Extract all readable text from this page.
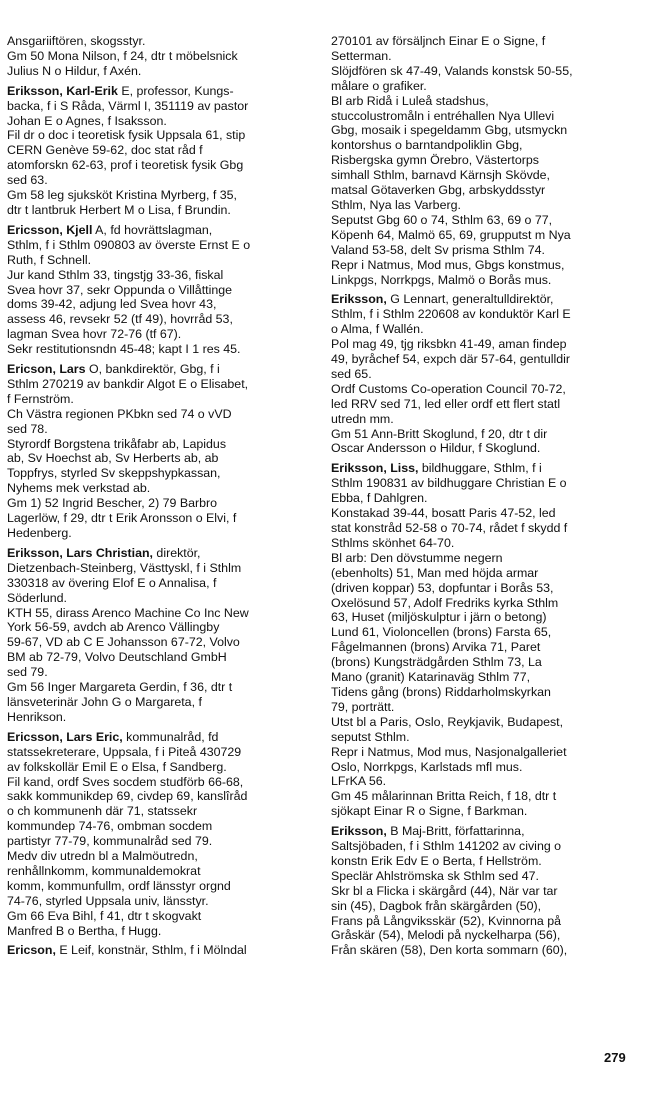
Ansgariiftören, skogsstyr.
Gm 50 Mona Nilson, f 24, dtr t möbelsnick
Julius N o Hildur, f Axén.
Eriksson, Karl-Erik E, professor, Kungs-
backa, f i S Råda, Värml I, 351119 av pastor
Johan E o Agnes, f Isaksson.
Fil dr o doc i teoretisk fysik Uppsala 61, stip
CERN Genève 59-62, doc stat råd f
atomforskn 62-63, prof i teoretisk fysik Gbg
sed 63.
Gm 58 leg sjuksköt Kristina Myrberg, f 35,
dtr t lantbruk Herbert M o Lisa, f Brundin.
Ericsson, Kjell A, fd hovrättslagman,
Sthlm, f i Sthlm 090803 av överste Ernst E o
Ruth, f Schnell.
Jur kand Sthlm 33, tingstjg 33-36, fiskal
Svea hovr 37, sekr Oppunda o Villåttinge
doms 39-42, adjung led Svea hovr 43,
assess 46, revsekr 52 (tf 49), hovrråd 53,
lagman Svea hovr 72-76 (tf 67).
Sekr restitutionsndn 45-48; kapt I 1 res 45.
Ericson, Lars O, bankdirektör, Gbg, f i
Sthlm 270219 av bankdir Algot E o Elisabet,
f Fernström.
Ch Västra regionen PKbkn sed 74 o vVD
sed 78.
Styrordf Borgstena trikåfabr ab, Lapidus
ab, Sv Hoechst ab, Sv Herberts ab, ab
Toppfrys, styrled Sv skeppshypkassan,
Nyhems mek verkstad ab.
Gm 1) 52 Ingrid Bescher, 2) 79 Barbro
Lagerlöw, f 29, dtr t Erik Aronsson o Elvi, f
Hedenberg.
Eriksson, Lars Christian, direktör,
Dietzenbach-Steinberg, Västtyskl, f i Sthlm
330318 av övering Elof E o Annalisa, f
Söderlund.
KTH 55, dirass Arenco Machine Co Inc New
York 56-59, avdch ab Arenco Vällingby
59-67, VD ab C E Johansson 67-72, Volvo
BM ab 72-79, Volvo Deutschland GmbH
sed 79.
Gm 56 Inger Margareta Gerdin, f 36, dtr t
länsveterinär John G o Margareta, f
Henrikson.
Ericsson, Lars Eric, kommunalråd, fd
statssekreterare, Uppsala, f i Piteå 430729
av folkskollär Emil E o Elsa, f Sandberg.
Fil kand, ordf Sves socdem studförb 66-68,
sakk kommunikdep 69, civdep 69, kanslîråd
o ch kommunenh där 71, statssekr
kommundep 74-76, ombman socdem
partistyr 77-79, kommunalråd sed 79.
Medv div utredn bl a Malmöutredn,
renhållnkomm, kommunaldemokrat
komm, kommunfullm, ordf länsstyr orgnd
74-76, styrled Uppsala univ, länsstyr.
Gm 66 Eva Bihl, f 41, dtr t skogvakt
Manfred B o Bertha, f Hugg.
Ericson, E Leif, konstnär, Sthlm, f i Mölndal
270101 av försäljnch Einar E o Signe, f
Setterman.
Slöjdfören sk 47-49, Valands konstsk 50-55,
målare o grafiker.
Bl arb Ridå i Luleå stadshus,
stuccolustromåln i entréhallen Nya Ullevi
Gbg, mosaik i spegeldamm Gbg, utsmyckn
kontorshus o barntandpoliklin Gbg,
Risbergska gymn Örebro, Västertorps
simhall Sthlm, barnavd Kärnsjh Skövde,
matsal Götaverken Gbg, arbskyddsstyr
Sthlm, Nya las Varberg.
Seputst Gbg 60 o 74, Sthlm 63, 69 o 77,
Köpenh 64, Malmö 65, 69, grupputst m Nya
Valand 53-58, delt Sv prisma Sthlm 74.
Repr i Natmus, Mod mus, Gbgs konstmus,
Linkpgs, Norrkpgs, Malmö o Borås mus.
Eriksson, G Lennart, generaltulldirektör,
Sthlm, f i Sthlm 220608 av konduktör Karl E
o Alma, f Wallén.
Pol mag 49, tjg riksbkn 41-49, aman findep
49, byråchef 54, expch där 57-64, gentulldir
sed 65.
Ordf Customs Co-operation Council 70-72,
led RRV sed 71, led eller ordf ett flert statl
utredn mm.
Gm 51 Ann-Britt Skoglund, f 20, dtr t dir
Oscar Andersson o Hildur, f Skoglund.
Eriksson, Liss, bildhuggare, Sthlm, f i
Sthlm 190831 av bildhuggare Christian E o
Ebba, f Dahlgren.
Konstakad 39-44, bosatt Paris 47-52, led
stat konstråd 52-58 o 70-74, rådet f skydd f
Sthlms skönhet 64-70.
Bl arb: Den dövstumme negern
(ebenholts) 51, Man med höjda armar
(driven koppar) 53, dopfuntar i Borås 53,
Oxelösund 57, Adolf Fredriks kyrka Sthlm
63, Huset (miljöskulptur i järn o betong)
Lund 61, Violoncellen (brons) Farsta 65,
Fågelmannen (brons) Arvika 71, Paret
(brons) Kungsträdgården Sthlm 73, La
Mano (granit) Katarinaväg Sthlm 77,
Tidens gång (brons) Riddarholmskyrkan
79, porträtt.
Utst bl a Paris, Oslo, Reykjavik, Budapest,
seputst Sthlm.
Repr i Natmus, Mod mus, Nasjonalgalleriet
Oslo, Norrkpgs, Karlstads mfl mus.
LFrKA 56.
Gm 45 målarinnan Britta Reich, f 18, dtr t
sjökapt Einar R o Signe, f Barkman.
Eriksson, B Maj-Britt, författarinna,
Saltsjöbaden, f i Sthlm 141202 av civing o
konstn Erik Edv E o Berta, f Hellström.
Speclär Ahlströmska sk Sthlm sed 47.
Skr bl a Flicka i skärgård (44), När var tar
sin (45), Dagbok från skärgården (50),
Frans på Långviksskär (52), Kvinnorna på
Gråskär (54), Melodi på nyckelharpa (56),
Från skären (58), Den korta sommarn (60),
279
